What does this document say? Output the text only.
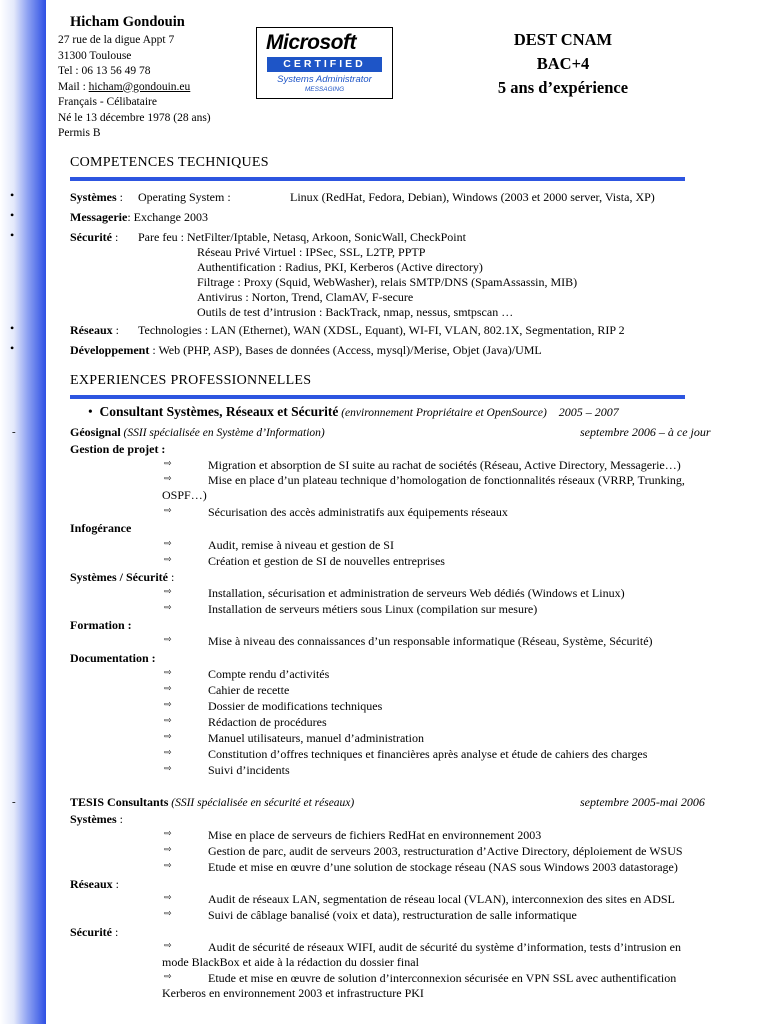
Hicham Gondouin
27 rue de la digue Appt 7
31300 Toulouse
Tel : 06 13 56 49 78
Mail : hicham@gondouin.eu
Français - Célibataire
Né le 13 décembre 1978 (28 ans)
Permis B
Microsoft
CERTIFIED
Systems Administrator
MESSAGING
DEST CNAM
BAC+4
5 ans d’expérience
COMPETENCES TECHNIQUES
•	Systèmes : Operating System :	Linux (RedHat, Fedora, Debian), Windows (2003 et 2000 server, Vista, XP)
•	Messagerie: Exchange 2003
•	Sécurité : Pare feu : NetFilter/Iptable, Netasq, Arkoon, SonicWall, CheckPoint
Réseau Privé Virtuel : IPSec, SSL, L2TP, PPTP
Authentification : Radius, PKI, Kerberos (Active directory)
Filtrage : Proxy (Squid, WebWasher), relais SMTP/DNS (SpamAssassin, MIB)
Antivirus : Norton, Trend, ClamAV, F-secure
Outils de test d’intrusion : BackTrack, nmap, nessus, smtpscan …
•	Réseaux : Technologies : LAN (Ethernet), WAN (XDSL, Equant), WI-FI, VLAN, 802.1X, Segmentation, RIP 2
•	Développement : Web (PHP, ASP), Bases de données (Access, mysql)/Merise, Objet (Java)/UML
EXPERIENCES PROFESSIONNELLES
• Consultant Systèmes, Réseaux et Sécurité (environnement Propriétaire et OpenSource) 2005 – 2007
-	Géosignal (SSII spécialisée en Système d’Information)	septembre 2006 – à ce jour
Gestion de projet :
⇨	Migration et absorption de SI suite au rachat de sociétés (Réseau, Active Directory, Messagerie…)
⇨	Mise en place d’un plateau technique d’homologation de fonctionnalités réseaux (VRRP, Trunking,
OSPF…)
⇨	Sécurisation des accès administratifs aux équipements réseaux
Infogérance
⇨	Audit, remise à niveau et gestion de SI
⇨	Création et gestion de SI de nouvelles entreprises
Systèmes / Sécurité :
⇨	Installation, sécurisation et administration de serveurs Web dédiés (Windows et Linux)
⇨	Installation de serveurs métiers sous Linux (compilation sur mesure)
Formation :
⇨	Mise à niveau des connaissances d’un responsable informatique (Réseau, Système, Sécurité)
Documentation :
⇨	Compte rendu d’activités
⇨	Cahier de recette
⇨	Dossier de modifications techniques
⇨	Rédaction de procédures
⇨	Manuel utilisateurs, manuel d’administration
⇨	Constitution d’offres techniques et financières après analyse et étude de cahiers des charges
⇨	Suivi d’incidents
-	TESIS Consultants (SSII spécialisée en sécurité et réseaux)	septembre 2005-mai 2006
Systèmes :
⇨	Mise en place de serveurs de fichiers RedHat en environnement 2003
⇨	Gestion de parc, audit de serveurs 2003, restructuration d’Active Directory, déploiement de WSUS
⇨	Etude et mise en œuvre d’une solution de stockage réseau (NAS sous Windows 2003 datastorage)
Réseaux :
⇨	Audit de réseaux LAN, segmentation de réseau local (VLAN), interconnexion des sites en ADSL
⇨	Suivi de câblage banalisé (voix et data), restructuration de salle informatique
Sécurité :
⇨	Audit de sécurité de réseaux WIFI, audit de sécurité du système d’information, tests d’intrusion en
mode BlackBox et aide à la rédaction du dossier final
⇨	Etude et mise en œuvre de solution d’interconnexion sécurisée en VPN SSL avec authentification
Kerberos en environnement 2003 et infrastructure PKI
